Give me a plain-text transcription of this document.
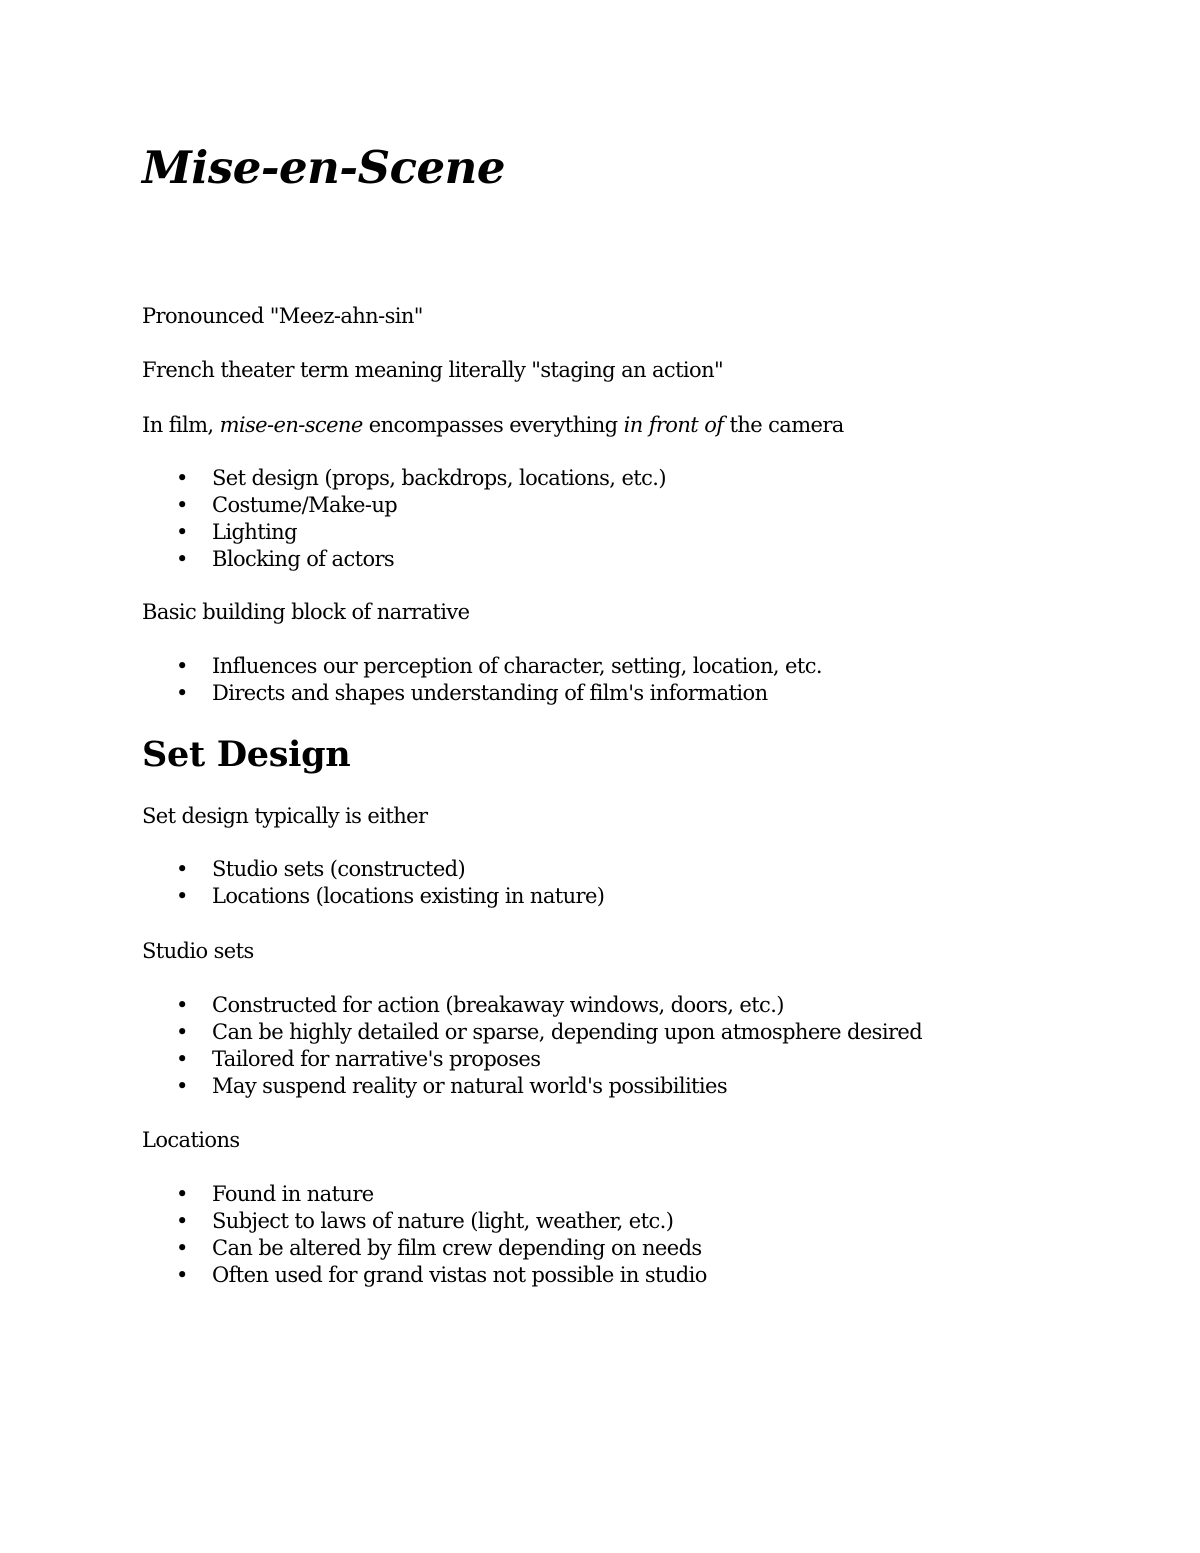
Mise-en-Scene

Pronounced "Meez-ahn-sin"

French theater term meaning literally "staging an action"

In film, mise-en-scene encompasses everything in front of the camera

• Set design (props, backdrops, locations, etc.)
• Costume/Make-up
• Lighting
• Blocking of actors

Basic building block of narrative

• Influences our perception of character, setting, location, etc.
• Directs and shapes understanding of film's information
Set Design

Set design typically is either

• Studio sets (constructed)
• Locations (locations existing in nature)

Studio sets

• Constructed for action (breakaway windows, doors, etc.)
• Can be highly detailed or sparse, depending upon atmosphere desired
• Tailored for narrative's proposes
• May suspend reality or natural world's possibilities

Locations

• Found in nature
• Subject to laws of nature (light, weather, etc.)
• Can be altered by film crew depending on needs
• Often used for grand vistas not possible in studio
